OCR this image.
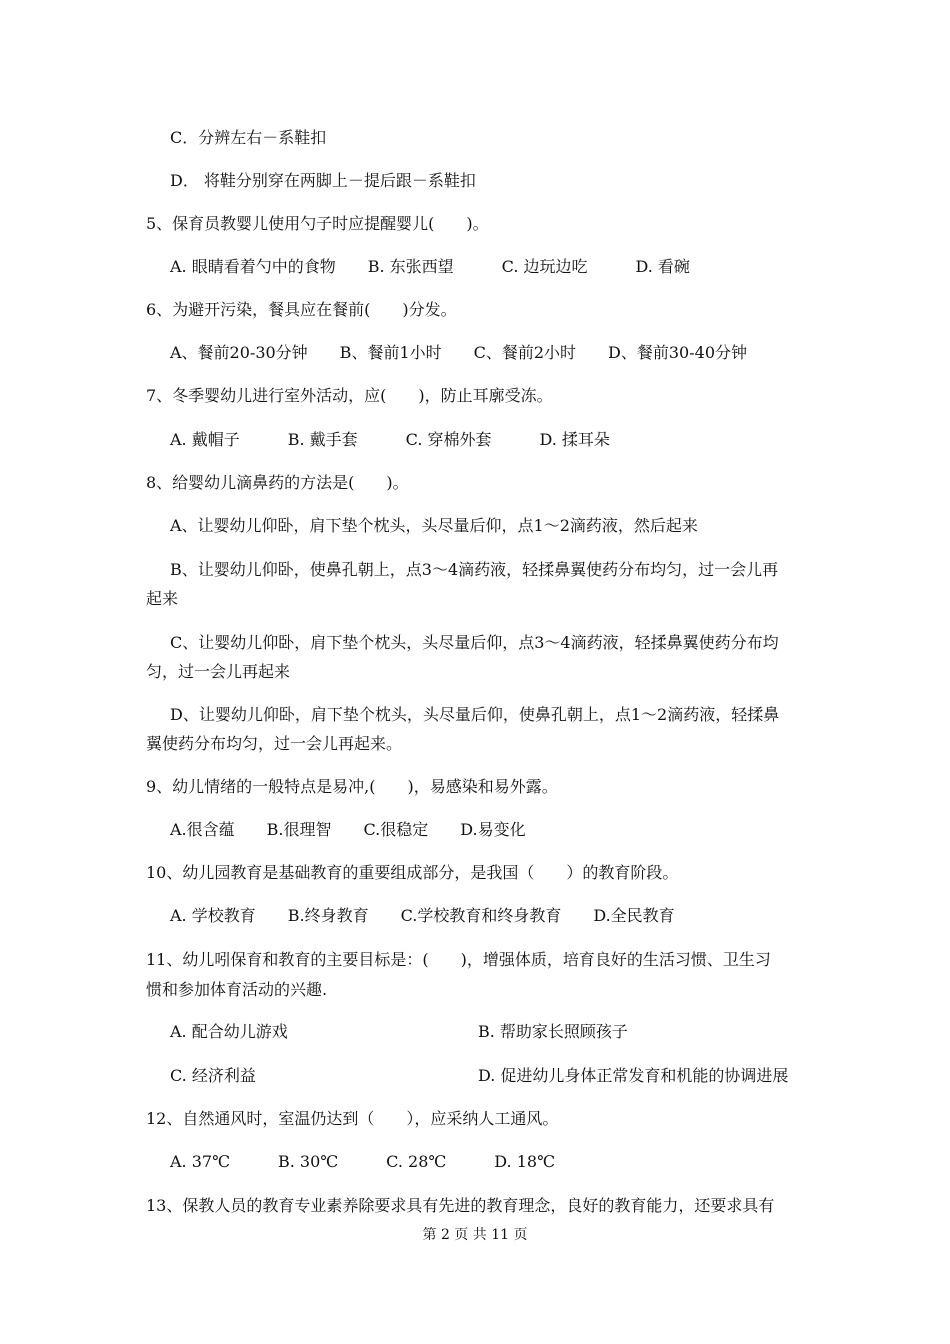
C．分辨左右－系鞋扣
D． 将鞋分别穿在两脚上－提后跟－系鞋扣
5、保育员教婴儿使用勺子时应提醒婴儿(　　)。
A. 眼睛看着勺中的食物　　B. 东张西望　　　C. 边玩边吃　　　D. 看碗
6、为避开污染，餐具应在餐前(　　)分发。
A、餐前20-30分钟　　B、餐前1小时　　C、餐前2小时　　D、餐前30-40分钟
7、冬季婴幼儿进行室外活动，应(　　)，防止耳廓受冻。
A. 戴帽子　　　B. 戴手套　　　C. 穿棉外套　　　D. 揉耳朵
8、给婴幼儿滴鼻药的方法是(　　)。
A、让婴幼儿仰卧，肩下垫个枕头，头尽量后仰，点1～2滴药液，然后起来
B、让婴幼儿仰卧，使鼻孔朝上，点3～4滴药液，轻揉鼻翼使药分布均匀，过一会儿再
起来
C、让婴幼儿仰卧，肩下垫个枕头，头尽量后仰，点3～4滴药液，轻揉鼻翼使药分布均
匀，过一会儿再起来
D、让婴幼儿仰卧，肩下垫个枕头，头尽量后仰，使鼻孔朝上，点1～2滴药液，轻揉鼻
翼使药分布均匀，过一会儿再起来。
9、幼儿情绪的一般特点是易冲,(　　)，易感染和易外露。
A.很含蕴　　B.很理智　　C.很稳定　　D.易变化
10、幼儿园教育是基础教育的重要组成部分，是我国（　　）的教育阶段。
A. 学校教育　　B.终身教育　　C.学校教育和终身教育　　D.全民教育
11、幼儿吲保育和教育的主要目标是：(　　)，增强体质，培育良好的生活习惯、卫生习
惯和参加体育活动的兴趣.
A. 配合幼儿游戏	B. 帮助家长照顾孩子
C. 经济利益	D. 促进幼儿身体正常发育和机能的协调进展
12、自然通风时，室温仍达到（　　），应采纳人工通风。
A. 37℃　　　B. 30℃　　　C. 28℃　　　D. 18℃
13、保教人员的教育专业素养除要求具有先进的教育理念，良好的教育能力，还要求具有
第 2 页 共 11 页
